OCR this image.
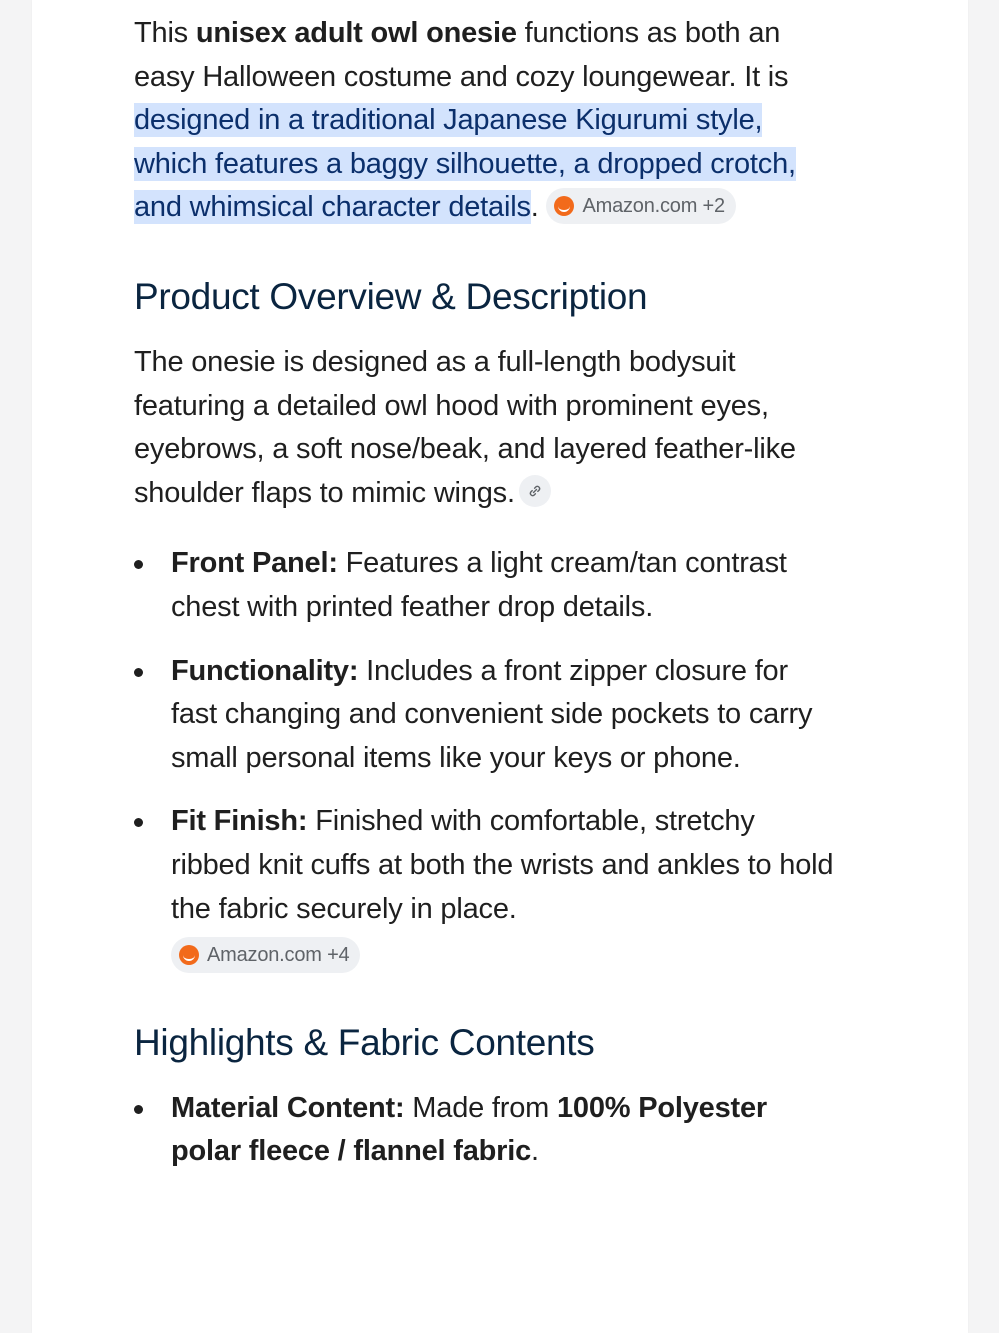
This unisex adult owl onesie functions as both an easy Halloween costume and cozy loungewear. It is designed in a traditional Japanese Kigurumi style, which features a baggy silhouette, a dropped crotch, and whimsical character details. Amazon.com +2

Product Overview & Description

The onesie is designed as a full-length bodysuit featuring a detailed owl hood with prominent eyes, eyebrows, a soft nose/beak, and layered feather-like shoulder flaps to mimic wings.

Front Panel: Features a light cream/tan contrast chest with printed feather drop details.
Functionality: Includes a front zipper closure for fast changing and convenient side pockets to carry small personal items like your keys or phone.
Fit Finish: Finished with comfortable, stretchy ribbed knit cuffs at both the wrists and ankles to hold the fabric securely in place.

Amazon.com +4
Highlights & Fabric Contents
Material Content: Made from 100% Polyester polar fleece / flannel fabric.
